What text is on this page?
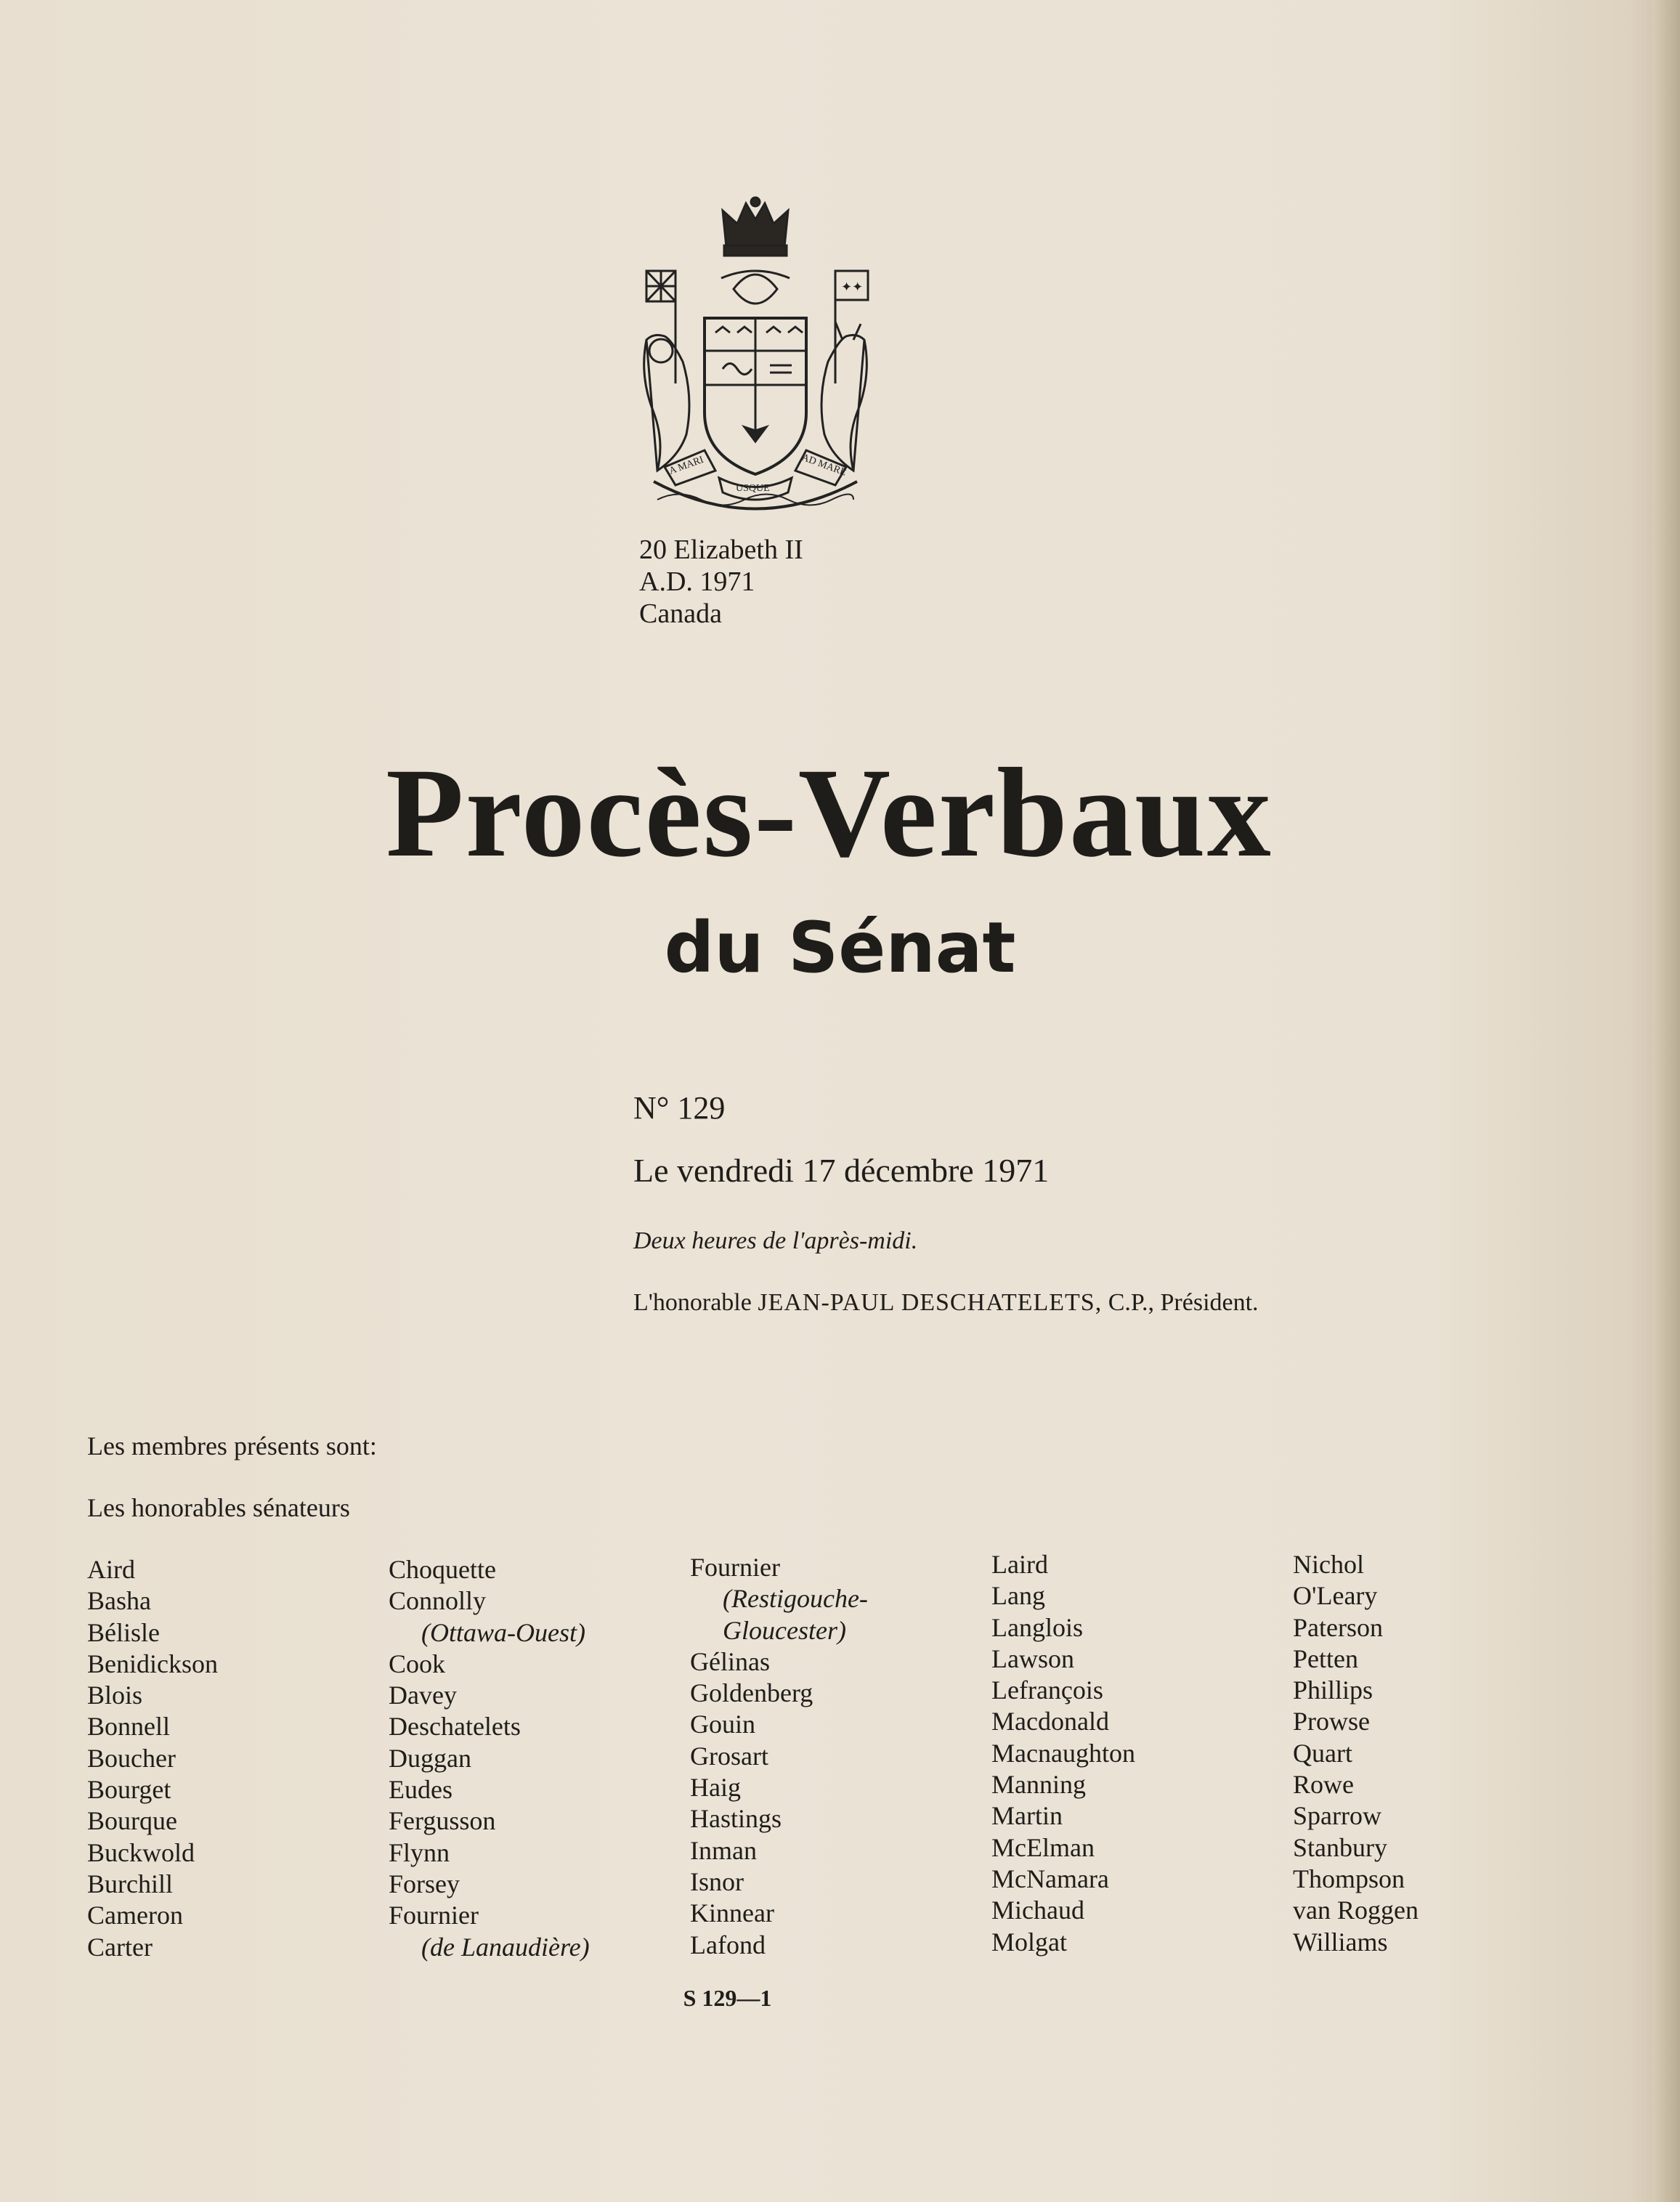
✦✦
A MARI
USQUE
AD MARE
20 Elizabeth II
A.D. 1971
Canada
Procès-Verbaux
du Sénat
N° 129
Le vendredi 17 décembre 1971
Deux heures de l'après-midi.
L'honorable JEAN-PAUL DESCHATELETS, C.P., Président.
Les membres présents sont:
Les honorables sénateurs
Aird
Basha
Bélisle
Benidickson
Blois
Bonnell
Boucher
Bourget
Bourque
Buckwold
Burchill
Cameron
Carter
Choquette
Connolly
(Ottawa-Ouest)
Cook
Davey
Deschatelets
Duggan
Eudes
Fergusson
Flynn
Forsey
Fournier
(de Lanaudière)
Fournier
(Restigouche-
Gloucester)
Gélinas
Goldenberg
Gouin
Grosart
Haig
Hastings
Inman
Isnor
Kinnear
Lafond
Laird
Lang
Langlois
Lawson
Lefrançois
Macdonald
Macnaughton
Manning
Martin
McElman
McNamara
Michaud
Molgat
Nichol
O'Leary
Paterson
Petten
Phillips
Prowse
Quart
Rowe
Sparrow
Stanbury
Thompson
van Roggen
Williams
S 129—1
